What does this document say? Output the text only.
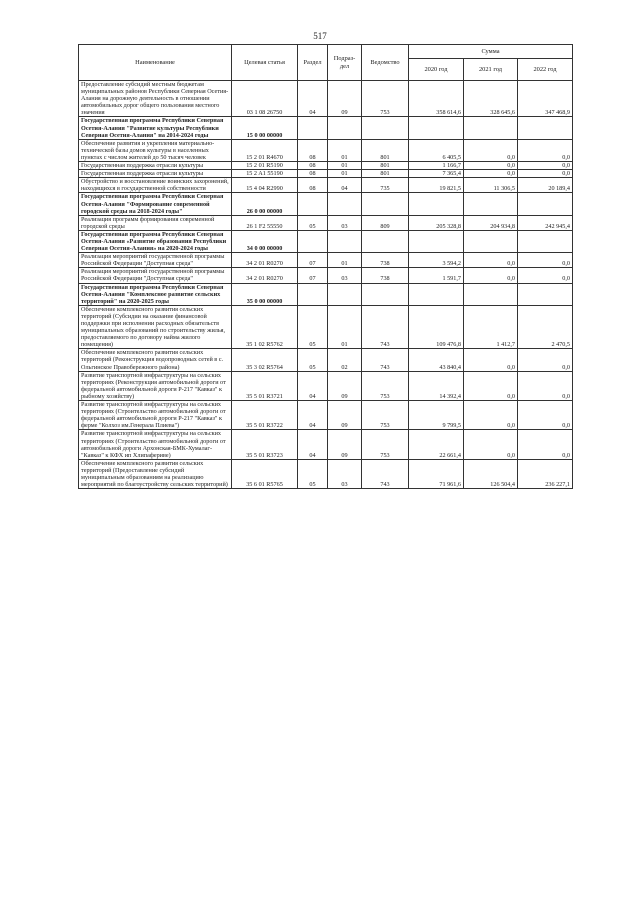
517
Наименование	Целевая статья	Раздел	Подраз-дел	Ведомство	Сумма		
					2020 год	2021 год	2022 год
Предоставление субсидий местным бюджетам муниципальных районов Республики Северная Осетия-Алания на дорожную деятельность в отношении автомобильных дорог общего пользования местного значения	03 1 08 26750	04	09	753	358 614,6	328 645,6	347 468,9
Государственная программа Республики Северная Осетия-Алания "Развитие культуры Республики Северная Осетия-Алания" на 2014-2024 годы	15 0 00 00000						
Обеспечение развития и укрепления материально-технической базы домов культуры в населенных пунктах с числом жителей до 50 тысяч человек	15 2 01 R4670	08	01	801	6 405,5	0,0	0,0
Государственная поддержка отрасли культуры	15 2 01 R5190	08	01	801	1 166,7	0,0	0,0
Государственная поддержка отрасли культуры	15 2 A1 55190	08	01	801	7 365,4	0,0	0,0
Обустройство и восстановление воинских захоронений, находящихся в государственной собственности	15 4 04 R2990	08	04	735	19 821,5	11 306,5	20 189,4
Государственная программа Республики Северная Осетия-Алания "Формирование современной городской среды на 2018-2024 годы"	26 0 00 00000						
Реализация программ формирования современной городской среды	26 1 F2 55550	05	03	809	205 328,8	204 934,8	242 945,4
Государственная программа Республики Северная Осетия-Алания «Развитие образования Республики Северная Осетия-Алания» на 2020-2024 годы	34 0 00 00000						
Реализация мероприятий государственной программы Российской Федерации "Доступная среда"	34 2 01 R0270	07	01	738	3 594,2	0,0	0,0
Реализация мероприятий государственной программы Российской Федерации "Доступная среда"	34 2 01 R0270	07	03	738	1 591,7	0,0	0,0
Государственная программа Республики Северная Осетия-Алания "Комплексное развитие сельских территорий" на 2020-2025 годы	35 0 00 00000						
Обеспечение комплексного развития сельских территорий (Субсидии на оказание финансовой поддержки при исполнении расходных обязательств муниципальных образований по строительству жилья, предоставляемого по договору найма жилого помещения)	35 1 02 R5762	05	01	743	109 476,8	1 412,7	2 470,5
Обеспечение комплексного развития сельских территорий (Реконструкция водопроводных сетей в с. Ольгинское Правобережного района)	35 3 02 R5764	05	02	743	43 840,4	0,0	0,0
Развитие транспортной инфраструктуры на сельских территориях (Реконструкция автомобильной дороги от федеральной автомобильной дороги Р-217 "Кавказ" к рыбному хозяйству)	35 5 01 R3721	04	09	753	14 392,4	0,0	0,0
Развитие транспортной инфраструктуры на сельских территориях (Строительство автомобильной дороги от федеральной автомобильной дороги Р-217 "Кавказ" к ферме "Колхоз им.Генерала Плиева")	35 5 01 R3722	04	09	753	9 799,5	0,0	0,0
Развитие транспортной инфраструктуры на сельских территориях (Строительство автомобильной дороги от автомобильной дороги Архонская-БМК-Хумалаг-"Кавказ" к КФХ ип Хлипафериве)	35 5 01 R3723	04	09	753	22 661,4	0,0	0,0
Обеспечение комплексного развития сельских территорий (Предоставление субсидий муниципальным образованиям на реализацию мероприятий по благоустройству сельских территорий)	35 6 01 R5765	05	03	743	71 961,6	126 504,4	236 227,1
